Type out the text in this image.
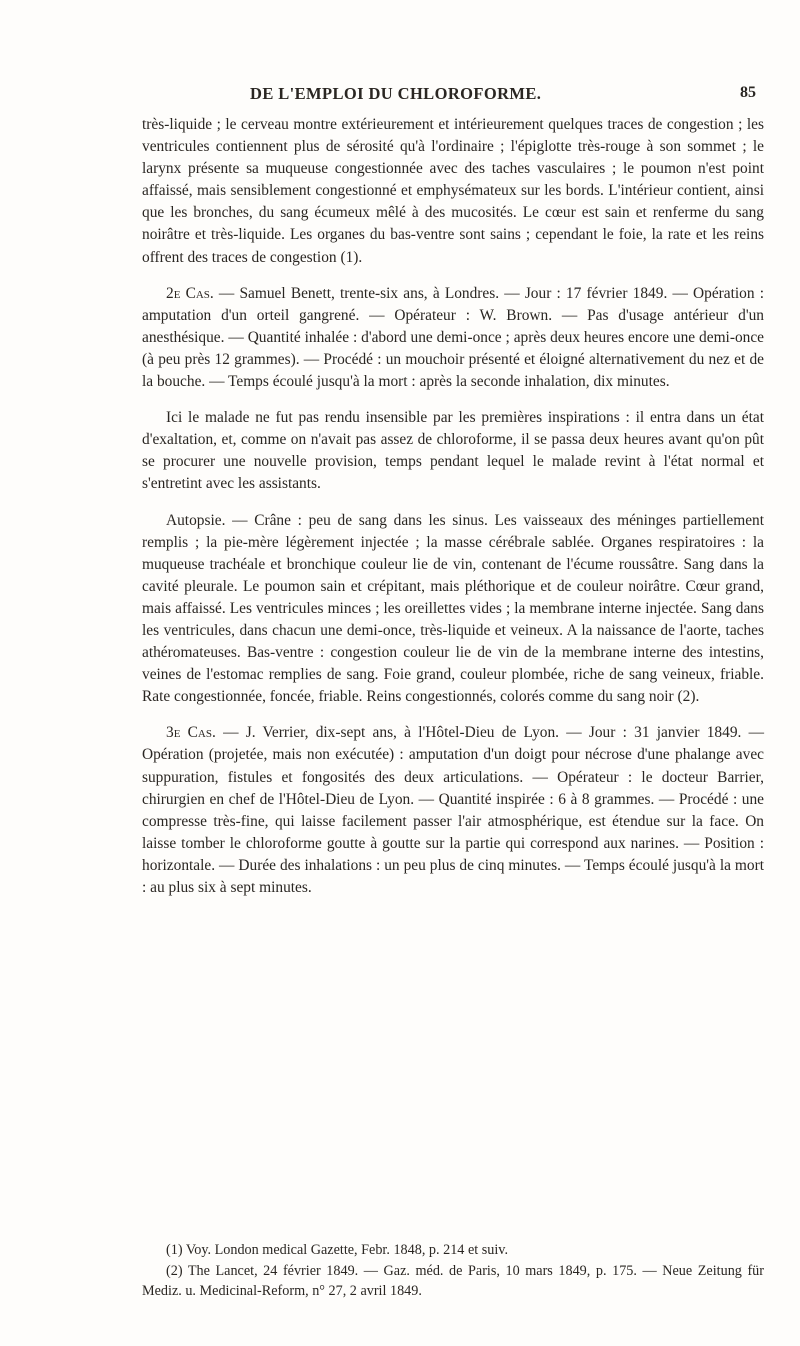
DE L'EMPLOI DU CHLOROFORME.	85

très-liquide ; le cerveau montre extérieurement et intérieurement quelques traces de congestion ; les ventricules contiennent plus de sérosité qu'à l'ordinaire ; l'épiglotte très-rouge à son sommet ; le larynx présente sa muqueuse congestionnée avec des taches vasculaires ; le poumon n'est point affaissé, mais sensiblement congestionné et emphysémateux sur les bords. L'intérieur contient, ainsi que les bronches, du sang écumeux mêlé à des mucosités. Le cœur est sain et renferme du sang noirâtre et très-liquide. Les organes du bas-ventre sont sains ; cependant le foie, la rate et les reins offrent des traces de congestion (1).

2e Cas. — Samuel Benett, trente-six ans, à Londres. — Jour : 17 février 1849. — Opération : amputation d'un orteil gangrené. — Opérateur : W. Brown. — Pas d'usage antérieur d'un anesthésique. — Quantité inhalée : d'abord une demi-once ; après deux heures encore une demi-once (à peu près 12 grammes). — Procédé : un mouchoir présenté et éloigné alternativement du nez et de la bouche. — Temps écoulé jusqu'à la mort : après la seconde inhalation, dix minutes.

Ici le malade ne fut pas rendu insensible par les premières inspirations : il entra dans un état d'exaltation, et, comme on n'avait pas assez de chloroforme, il se passa deux heures avant qu'on pût se procurer une nouvelle provision, temps pendant lequel le malade revint à l'état normal et s'entretint avec les assistants.

Autopsie. — Crâne : peu de sang dans les sinus. Les vaisseaux des méninges partiellement remplis ; la pie-mère légèrement injectée ; la masse cérébrale sablée. Organes respiratoires : la muqueuse trachéale et bronchique couleur lie de vin, contenant de l'écume roussâtre. Sang dans la cavité pleurale. Le poumon sain et crépitant, mais pléthorique et de couleur noirâtre. Cœur grand, mais affaissé. Les ventricules minces ; les oreillettes vides ; la membrane interne injectée. Sang dans les ventricules, dans chacun une demi-once, très-liquide et veineux. A la naissance de l'aorte, taches athéromateuses. Bas-ventre : congestion couleur lie de vin de la membrane interne des intestins, veines de l'estomac remplies de sang. Foie grand, couleur plombée, riche de sang veineux, friable. Rate congestionnée, foncée, friable. Reins congestionnés, colorés comme du sang noir (2).

3e Cas. — J. Verrier, dix-sept ans, à l'Hôtel-Dieu de Lyon. — Jour : 31 janvier 1849. — Opération (projetée, mais non exécutée) : amputation d'un doigt pour nécrose d'une phalange avec suppuration, fistules et fongosités des deux articulations. — Opérateur : le docteur Barrier, chirurgien en chef de l'Hôtel-Dieu de Lyon. — Quantité inspirée : 6 à 8 grammes. — Procédé : une compresse très-fine, qui laisse facilement passer l'air atmosphérique, est étendue sur la face. On laisse tomber le chloroforme goutte à goutte sur la partie qui correspond aux narines. — Position : horizontale. — Durée des inhalations : un peu plus de cinq minutes. — Temps écoulé jusqu'à la mort : au plus six à sept minutes.

(1) Voy. London medical Gazette, Febr. 1848, p. 214 et suiv.

(2) The Lancet, 24 février 1849. — Gaz. méd. de Paris, 10 mars 1849, p. 175. — Neue Zeitung für Mediz. u. Medicinal-Reform, n° 27, 2 avril 1849.
